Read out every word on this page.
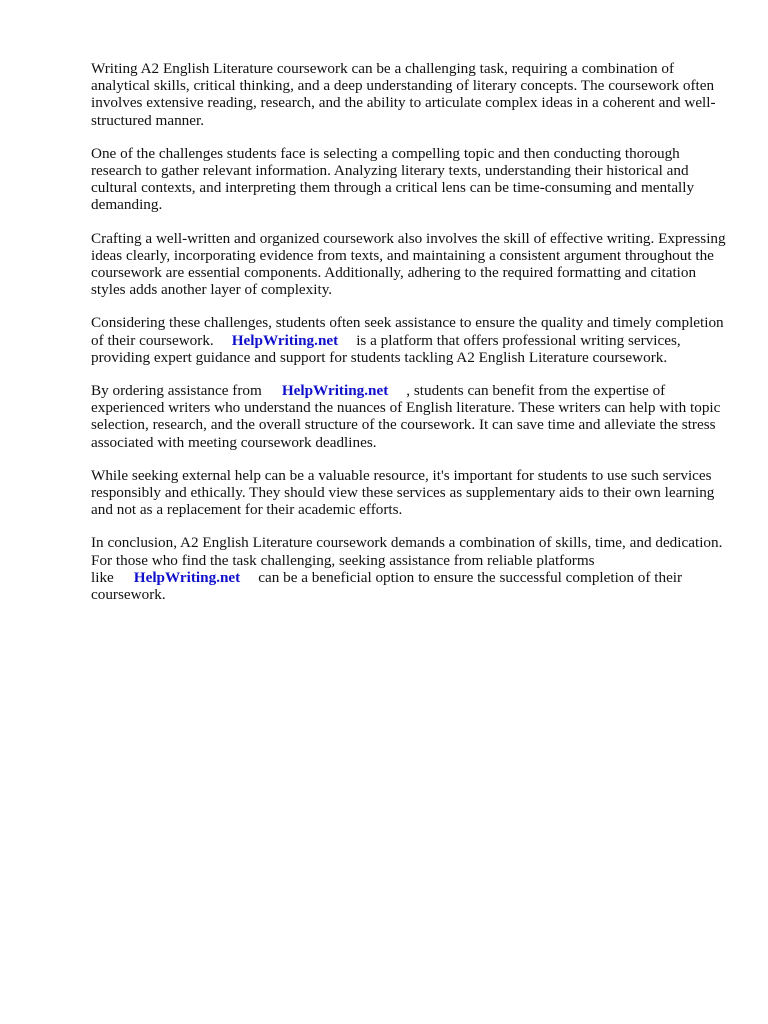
Writing A2 English Literature coursework can be a challenging task, requiring a combination of analytical skills, critical thinking, and a deep understanding of literary concepts. The coursework often involves extensive reading, research, and the ability to articulate complex ideas in a coherent and well-structured manner.

One of the challenges students face is selecting a compelling topic and then conducting thorough research to gather relevant information. Analyzing literary texts, understanding their historical and cultural contexts, and interpreting them through a critical lens can be time-consuming and mentally demanding.

Crafting a well-written and organized coursework also involves the skill of effective writing. Expressing ideas clearly, incorporating evidence from texts, and maintaining a consistent argument throughout the coursework are essential components. Additionally, adhering to the required formatting and citation styles adds another layer of complexity.

Considering these challenges, students often seek assistance to ensure the quality and timely completion of their coursework. HelpWriting.net is a platform that offers professional writing services, providing expert guidance and support for students tackling A2 English Literature coursework.

By ordering assistance from HelpWriting.net , students can benefit from the expertise of experienced writers who understand the nuances of English literature. These writers can help with topic selection, research, and the overall structure of the coursework. It can save time and alleviate the stress associated with meeting coursework deadlines.

While seeking external help can be a valuable resource, it's important for students to use such services responsibly and ethically. They should view these services as supplementary aids to their own learning and not as a replacement for their academic efforts.

In conclusion, A2 English Literature coursework demands a combination of skills, time, and dedication. For those who find the task challenging, seeking assistance from reliable platforms like HelpWriting.net can be a beneficial option to ensure the successful completion of their coursework.
